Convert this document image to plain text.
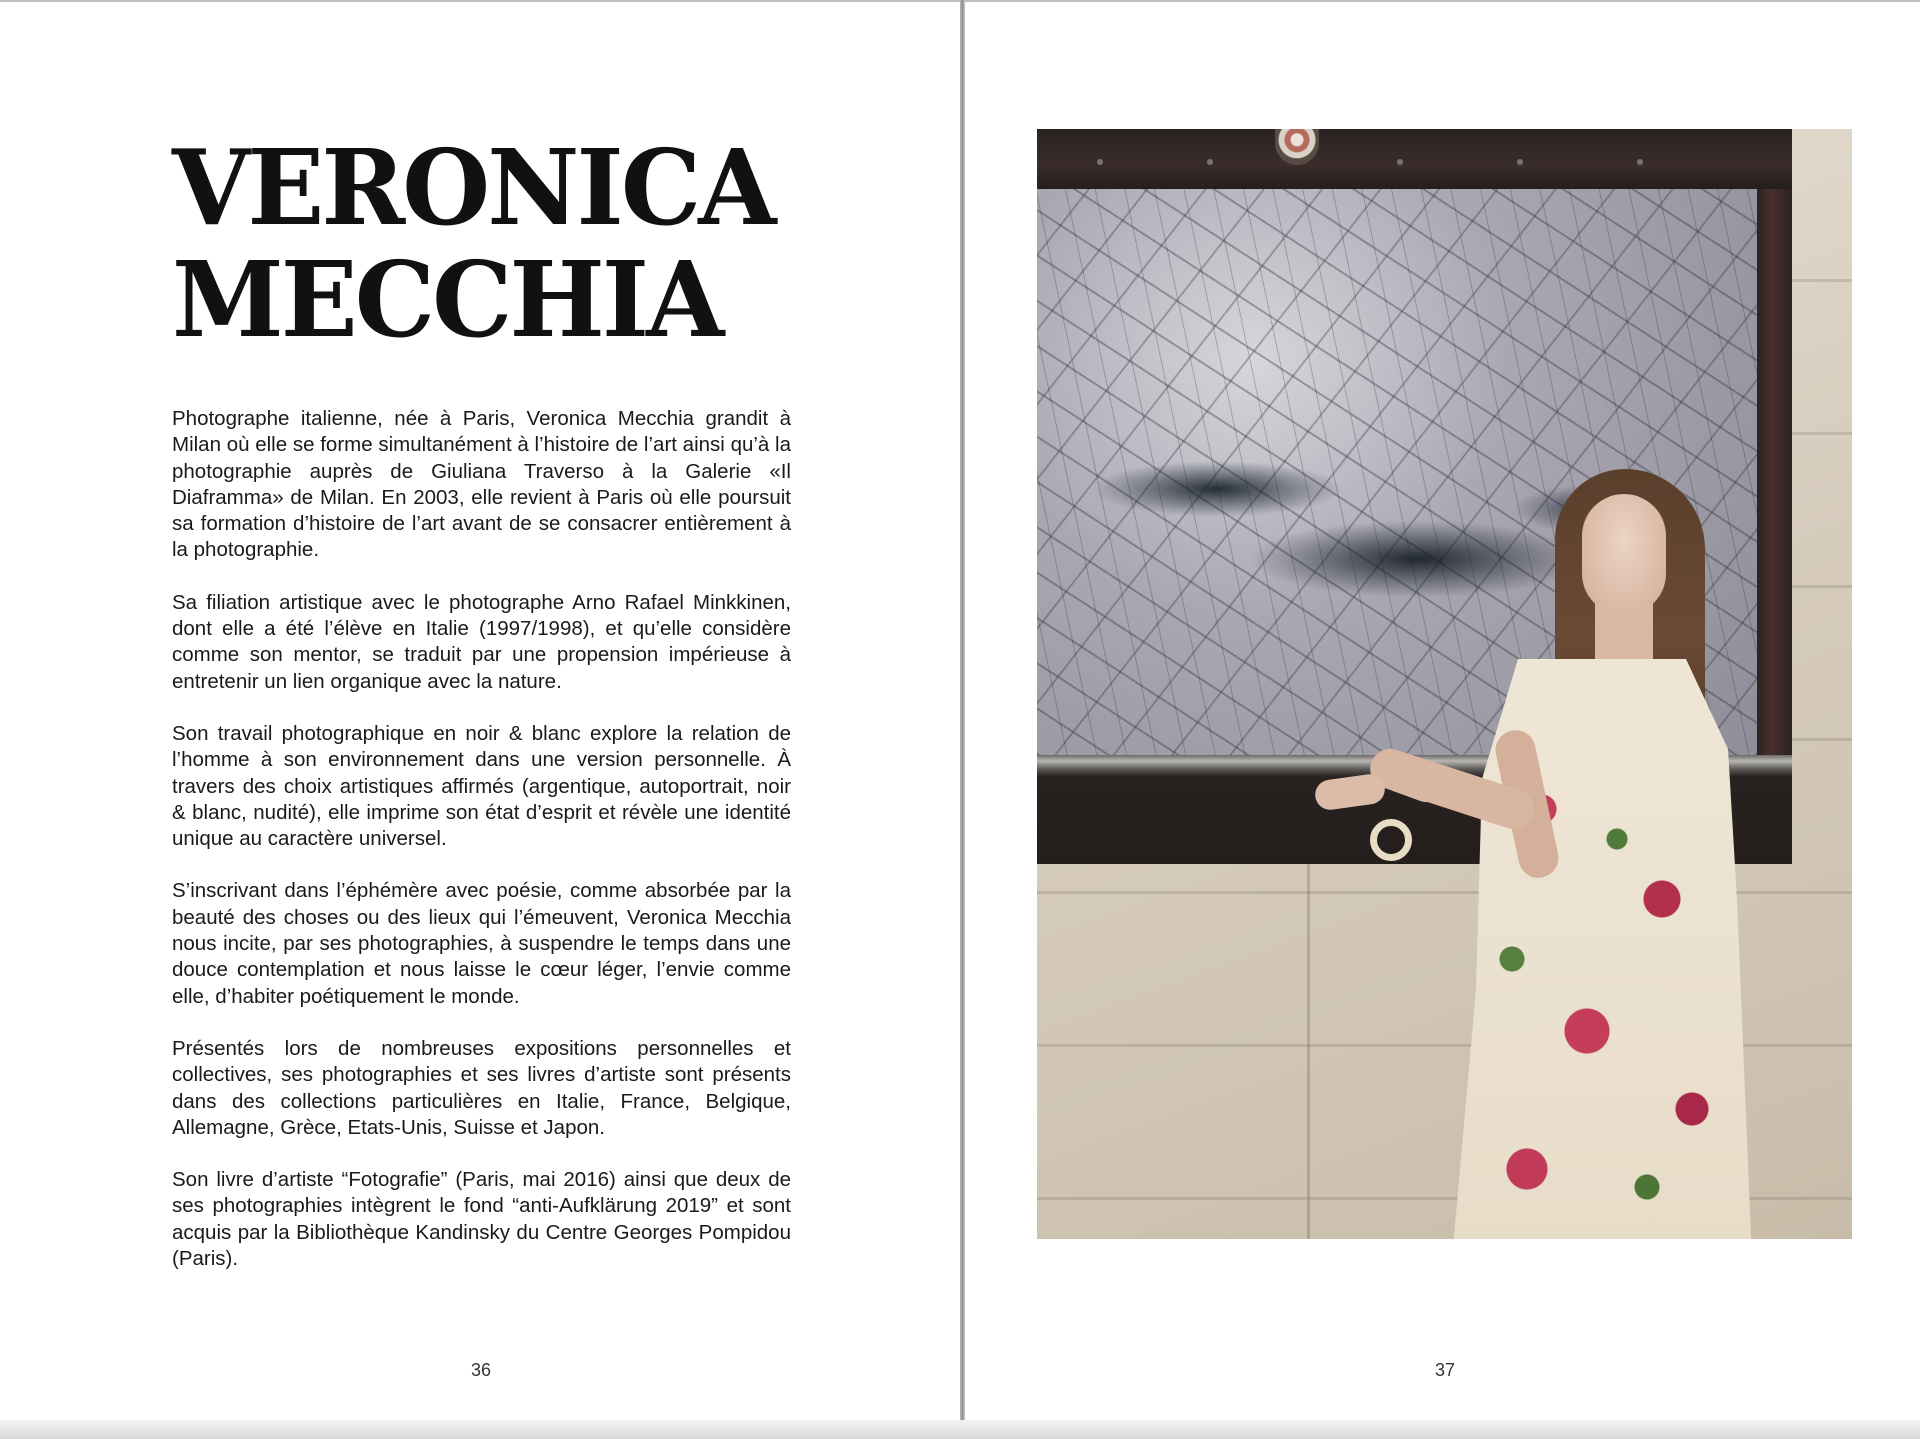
VERONICA
MECCHIA

Photographe italienne, née à Paris, Veronica Mecchia grandit à Milan où elle se forme simultanément à l’histoire de l’art ainsi qu’à la photographie auprès de Giuliana Traverso à la Galerie «Il Diaframma» de Milan. En 2003, elle revient à Paris où elle poursuit sa formation d’histoire de l’art avant de se consacrer entièrement à la photographie.

Sa filiation artistique avec le photographe Arno Rafael Minkkinen, dont elle a été l’élève en Italie (1997/1998), et qu’elle considère comme son mentor, se traduit par une propension impérieuse à entretenir un lien organique avec la nature.

Son travail photographique en noir & blanc explore la relation de l’homme à son environnement dans une version personnelle. À travers des choix artistiques affirmés (argentique, autoportrait, noir & blanc, nudité), elle imprime son état d’esprit et révèle une identité unique au caractère universel.

S’inscrivant dans l’éphémère avec poésie, comme absorbée par la beauté des choses ou des lieux qui l’émeuvent, Veronica Mecchia nous incite, par ses photographies, à suspendre le temps dans une douce contemplation et nous laisse le cœur léger, l’envie comme elle, d’habiter poétiquement le monde.

Présentés lors de nombreuses expositions personnelles et collectives, ses photographies et ses livres d’artiste sont présents dans des collections particulières en Italie, France, Belgique, Allemagne, Grèce, Etats-Unis, Suisse et Japon.

Son livre d’artiste “Fotografie” (Paris, mai 2016) ainsi que deux de ses photographies intègrent le fond “anti-Aufklärung 2019” et sont acquis par la Bibliothèque Kandinsky du Centre Georges Pompidou (Paris).

36	37
